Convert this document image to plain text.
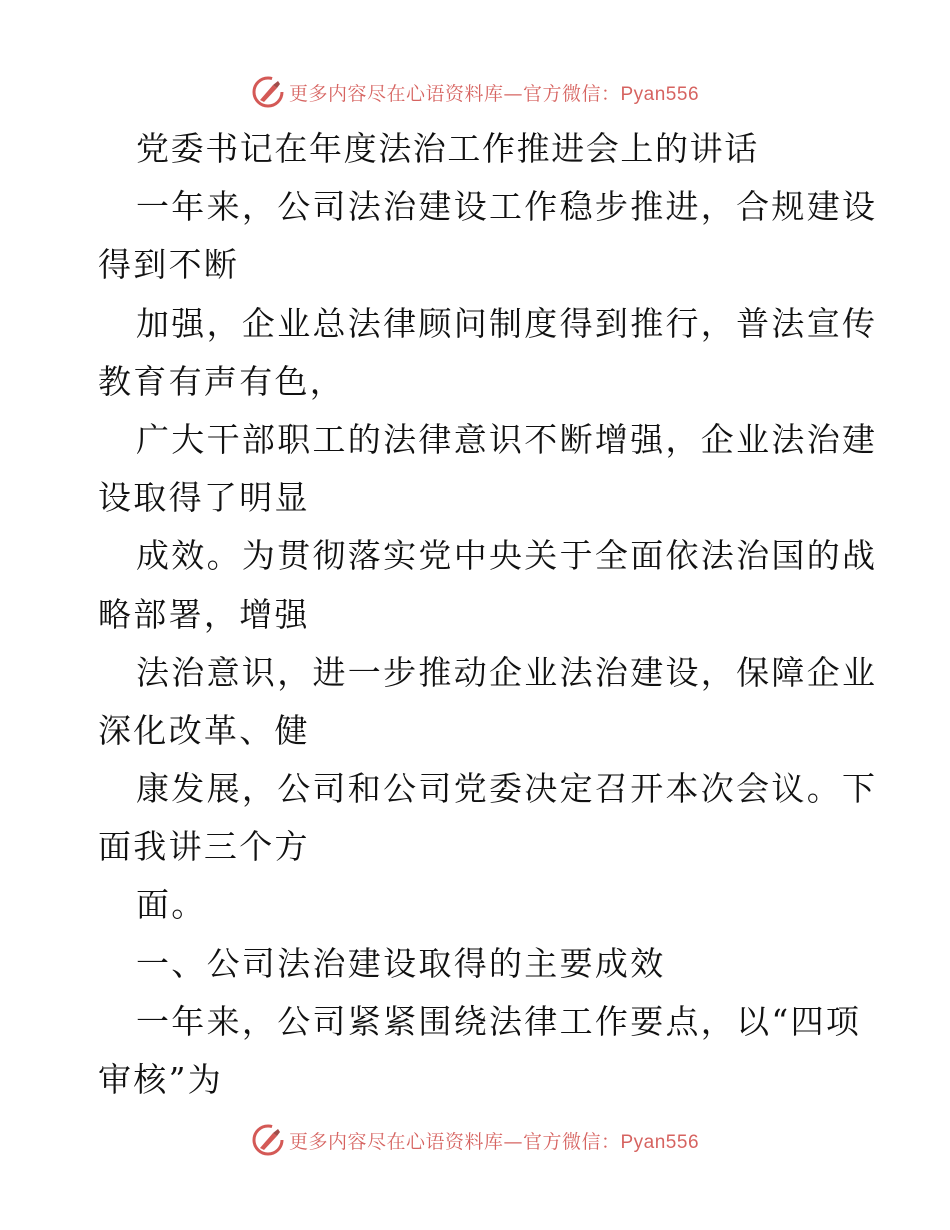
更多内容尽在心语资料库—官方微信：Pyan556
党委书记在年度法治工作推进会上的讲话
一年来，公司法治建设工作稳步推进，合规建设
得到不断
加强，企业总法律顾问制度得到推行，普法宣传
教育有声有色，
广大干部职工的法律意识不断增强，企业法治建
设取得了明显
成效。为贯彻落实党中央关于全面依法治国的战
略部署，增强
法治意识，进一步推动企业法治建设，保障企业
深化改革、健
康发展，公司和公司党委决定召开本次会议。下
面我讲三个方
面。
一、公司法治建设取得的主要成效
一年来，公司紧紧围绕法律工作要点，以“四项
审核”为
更多内容尽在心语资料库—官方微信：Pyan556
